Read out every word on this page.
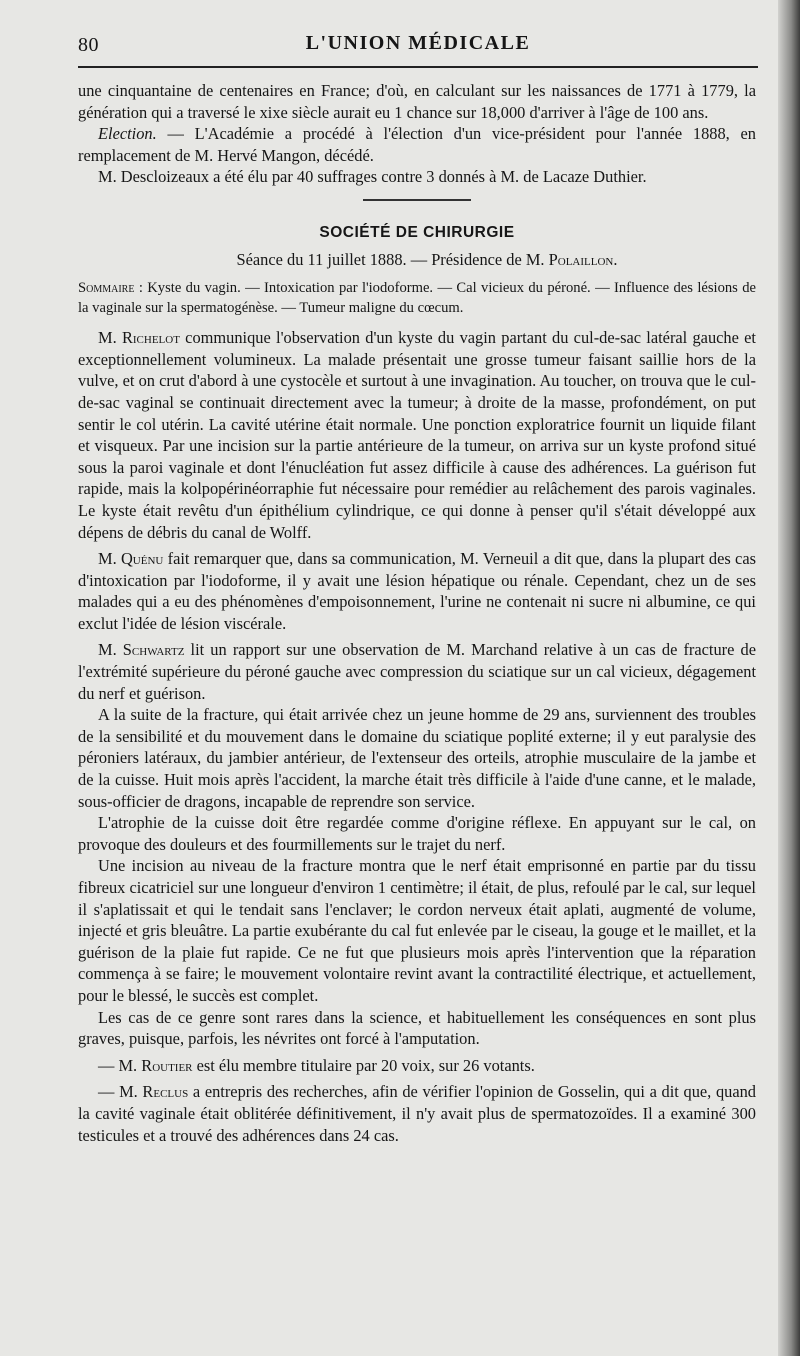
80	L'UNION MÉDICALE

une cinquantaine de centenaires en France; d'où, en calculant sur les naissances de 1771 à 1779, la génération qui a traversé le xixe siècle aurait eu 1 chance sur 18,000 d'arriver à l'âge de 100 ans.

Election. — L'Académie a procédé à l'élection d'un vice-président pour l'année 1888, en remplacement de M. Hervé Mangon, décédé.

M. Descloizeaux a été élu par 40 suffrages contre 3 donnés à M. de Lacaze Duthier.

SOCIÉTÉ DE CHIRURGIE
Séance du 11 juillet 1888. — Présidence de M. Polaillon.
Sommaire : Kyste du vagin. — Intoxication par l'iodoforme. — Cal vicieux du péroné. — Influence des lésions de la vaginale sur la spermatogénèse. — Tumeur maligne du cœcum.

M. Richelot communique l'observation d'un kyste du vagin partant du cul-de-sac latéral gauche et exceptionnellement volumineux. La malade présentait une grosse tumeur faisant saillie hors de la vulve, et on crut d'abord à une cystocèle et surtout à une invagination. Au toucher, on trouva que le cul-de-sac vaginal se continuait directement avec la tumeur; à droite de la masse, profondément, on put sentir le col utérin. La cavité utérine était normale. Une ponction exploratrice fournit un liquide filant et visqueux. Par une incision sur la partie antérieure de la tumeur, on arriva sur un kyste profond situé sous la paroi vaginale et dont l'énucléation fut assez difficile à cause des adhérences. La guérison fut rapide, mais la kolpopérinéorraphie fut nécessaire pour remédier au relâchement des parois vaginales. Le kyste était revêtu d'un épithélium cylindrique, ce qui donne à penser qu'il s'était développé aux dépens de débris du canal de Wolff.

M. Quénu fait remarquer que, dans sa communication, M. Verneuil a dit que, dans la plupart des cas d'intoxication par l'iodoforme, il y avait une lésion hépatique ou rénale. Cependant, chez un de ses malades qui a eu des phénomènes d'empoisonnement, l'urine ne contenait ni sucre ni albumine, ce qui exclut l'idée de lésion viscérale.

M. Schwartz lit un rapport sur une observation de M. Marchand relative à un cas de fracture de l'extrémité supérieure du péroné gauche avec compression du sciatique sur un cal vicieux, dégagement du nerf et guérison.

A la suite de la fracture, qui était arrivée chez un jeune homme de 29 ans, surviennent des troubles de la sensibilité et du mouvement dans le domaine du sciatique poplité externe; il y eut paralysie des péroniers latéraux, du jambier antérieur, de l'extenseur des orteils, atrophie musculaire de la jambe et de la cuisse. Huit mois après l'accident, la marche était très difficile à l'aide d'une canne, et le malade, sous-officier de dragons, incapable de reprendre son service.

L'atrophie de la cuisse doit être regardée comme d'origine réflexe. En appuyant sur le cal, on provoque des douleurs et des fourmillements sur le trajet du nerf.

Une incision au niveau de la fracture montra que le nerf était emprisonné en partie par du tissu fibreux cicatriciel sur une longueur d'environ 1 centimètre; il était, de plus, refoulé par le cal, sur lequel il s'aplatissait et qui le tendait sans l'enclaver; le cordon nerveux était aplati, augmenté de volume, injecté et gris bleuâtre. La partie exubérante du cal fut enlevée par le ciseau, la gouge et le maillet, et la guérison de la plaie fut rapide. Ce ne fut que plusieurs mois après l'intervention que la réparation commença à se faire; le mouvement volontaire revint avant la contractilité électrique, et actuellement, pour le blessé, le succès est complet.

Les cas de ce genre sont rares dans la science, et habituellement les conséquences en sont plus graves, puisque, parfois, les névrites ont forcé à l'amputation.

— M. Routier est élu membre titulaire par 20 voix, sur 26 votants.

— M. Reclus a entrepris des recherches, afin de vérifier l'opinion de Gosselin, qui a dit que, quand la cavité vaginale était oblitérée définitivement, il n'y avait plus de spermatozoïdes. Il a examiné 300 testicules et a trouvé des adhérences dans 24 cas.
